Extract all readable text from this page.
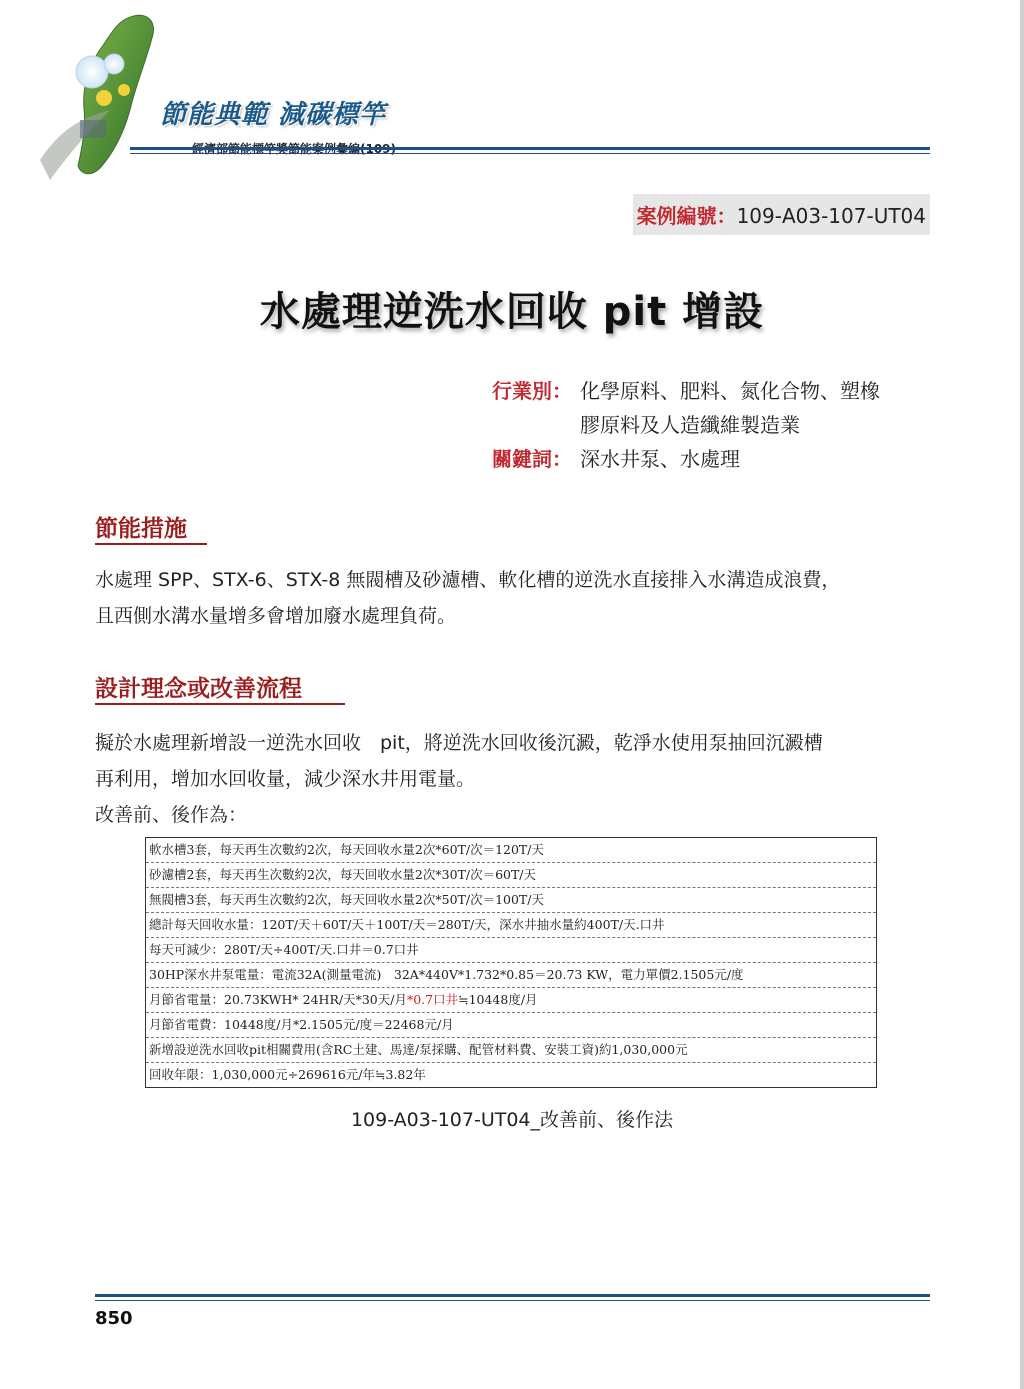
節能典範 減碳標竿
案例編號：109-A03-107-UT04
水處理逆洗水回收 pit 增設
行業別： 化學原料、肥料、氮化合物、塑橡
膠原料及人造纖維製造業
關鍵詞： 深水井泵、水處理
節能措施
水處理 SPP、STX-6、STX-8 無閥槽及砂濾槽、軟化槽的逆洗水直接排入水溝造成浪費，
且西側水溝水量增多會增加廢水處理負荷。
設計理念或改善流程
擬於水處理新增設一逆洗水回收　pit，將逆洗水回收後沉澱，乾淨水使用泵抽回沉澱槽
再利用，增加水回收量，減少深水井用電量。
改善前、後作為：
軟水槽3套，每天再生次數約2次，每天回收水量2次*60T/次＝120T/天
砂濾槽2套，每天再生次數約2次，每天回收水量2次*30T/次＝60T/天
無閥槽3套，每天再生次數約2次，每天回收水量2次*50T/次＝100T/天
總計每天回收水量：120T/天＋60T/天＋100T/天＝280T/天，深水井抽水量約400T/天.口井
每天可減少：280T/天÷400T/天.口井＝0.7口井
30HP深水井泵電量：電流32A(測量電流)　32A*440V*1.732*0.85＝20.73 KW，電力單價2.1505元/度
月節省電量：20.73KWH* 24HR/天*30天/月*0.7口井≒10448度/月
月節省電費：10448度/月*2.1505元/度＝22468元/月
新增設逆洗水回收pit相關費用(含RC土建、馬達/泵採購、配管材料費、安裝工資)約1,030,000元
回收年限：1,030,000元÷269616元/年≒3.82年
109-A03-107-UT04_改善前、後作法
850
